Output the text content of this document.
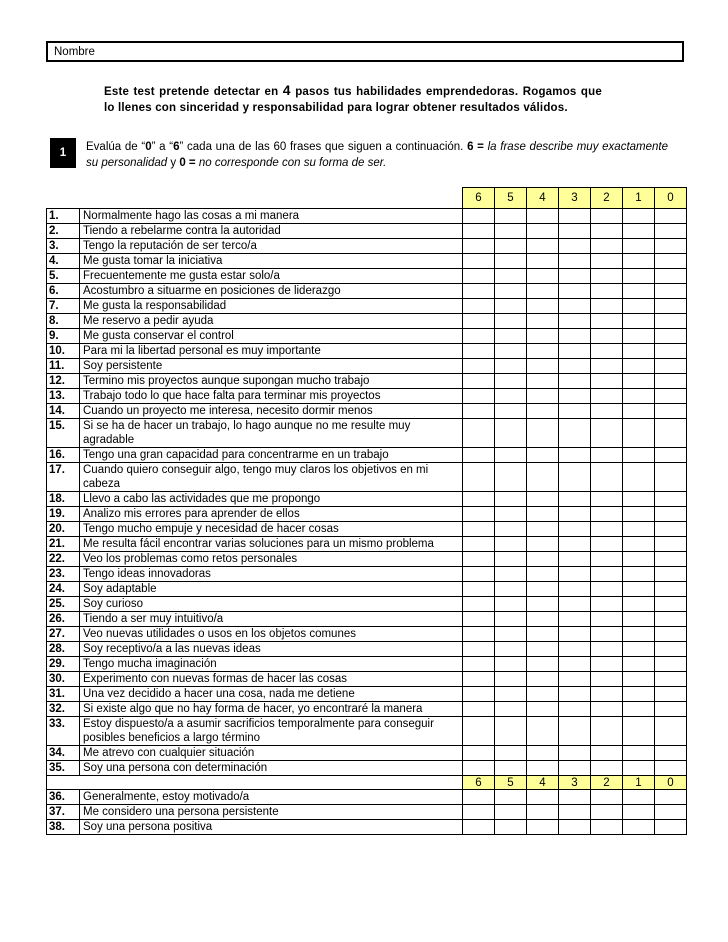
Nombre
Este test pretende detectar en 4 pasos tus habilidades emprendedoras. Rogamos que lo llenes con sinceridad y responsabilidad para lograr obtener resultados válidos.
1	Evalúa de “0” a “6” cada una de las 60 frases que siguen a continuación. 6 = la frase describe muy exactamente su personalidad y 0 = no corresponde con su forma de ser.
		6	5	4	3	2	1	0
1.	Normalmente hago las cosas a mi manera							
2.	Tiendo a rebelarme contra la autoridad							
3.	Tengo la reputación de ser terco/a							
4.	Me gusta tomar la iniciativa							
5.	Frecuentemente me gusta estar solo/a							
6.	Acostumbro a situarme en posiciones de liderazgo							
7.	Me gusta la responsabilidad							
8.	Me reservo a pedir ayuda							
9.	Me gusta conservar el control							
10.	Para mi la libertad personal es muy importante							
11.	Soy persistente							
12.	Termino mis proyectos aunque supongan mucho trabajo							
13.	Trabajo todo lo que hace falta para terminar mis proyectos							
14.	Cuando un proyecto me interesa, necesito dormir menos							
15.	Si se ha de hacer un trabajo, lo hago aunque no me resulte muy agradable							
16.	Tengo una gran capacidad para concentrarme en un trabajo							
17.	Cuando quiero conseguir algo, tengo muy claros los objetivos en mi cabeza							
18.	Llevo a cabo las actividades que me propongo							
19.	Analizo mis errores para aprender de ellos							
20.	Tengo mucho empuje y necesidad de hacer cosas							
21.	Me resulta fácil encontrar varias soluciones para un mismo problema							
22.	Veo los problemas como retos personales							
23.	Tengo ideas innovadoras							
24.	Soy adaptable							
25.	Soy curioso							
26.	Tiendo a ser muy intuitivo/a							
27.	Veo nuevas utilidades o usos en los objetos comunes							
28.	Soy receptivo/a a las nuevas ideas							
29.	Tengo mucha imaginación							
30.	Experimento con nuevas formas de hacer las cosas							
31.	Una vez decidido a hacer una cosa, nada me detiene							
32.	Si existe algo que no hay forma de hacer, yo encontraré la manera							
33.	Estoy dispuesto/a a asumir sacrificios temporalmente para conseguir posibles beneficios a largo término							
34.	Me atrevo con cualquier situación							
35.	Soy una persona con determinación							
		6	5	4	3	2	1	0
36.	Generalmente, estoy motivado/a							
37.	Me considero una persona persistente							
38.	Soy una persona positiva							
